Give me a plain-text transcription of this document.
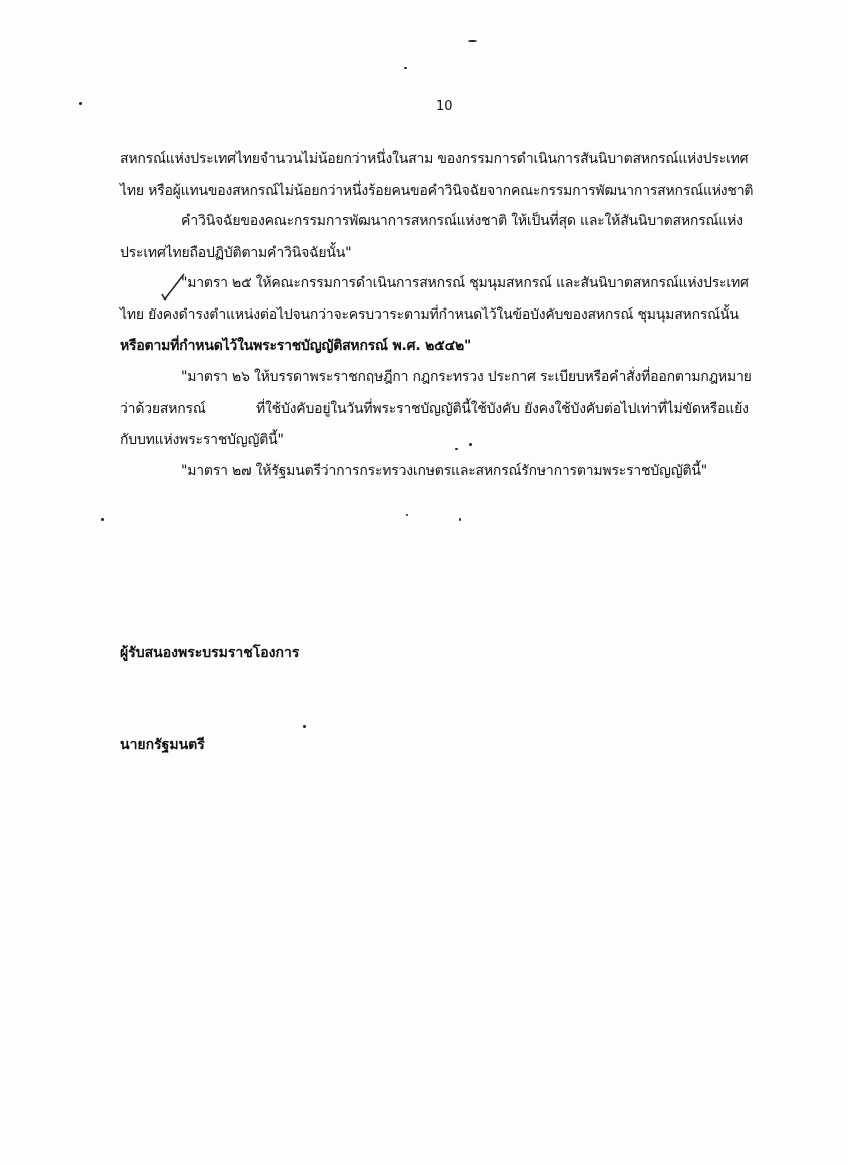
10
สหกรณ์แห่งประเทศไทยจำนวนไม่น้อยกว่าหนึ่งในสาม ของกรรมการดำเนินการสันนิบาตสหกรณ์แห่งประเทศ
ไทย หรือผู้แทนของสหกรณ์ไม่น้อยกว่าหนึ่งร้อยคนขอคำวินิจฉัยจากคณะกรรมการพัฒนาการสหกรณ์แห่งชาติ
คำวินิจฉัยของคณะกรรมการพัฒนาการสหกรณ์แห่งชาติ ให้เป็นที่สุด และให้สันนิบาตสหกรณ์แห่ง
ประเทศไทยถือปฏิบัติตามคำวินิจฉัยนั้น"
"มาตรา ๒๕ ให้คณะกรรมการดำเนินการสหกรณ์ ชุมนุมสหกรณ์ และสันนิบาตสหกรณ์แห่งประเทศ
ไทย ยังคงดำรงตำแหน่งต่อไปจนกว่าจะครบวาระตามที่กำหนดไว้ในข้อบังคับของสหกรณ์ ชุมนุมสหกรณ์นั้น
หรือตามที่กำหนดไว้ในพระราชบัญญัติสหกรณ์ พ.ศ. ๒๕๔๒"
"มาตรา ๒๖ ให้บรรดาพระราชกฤษฎีกา กฎกระทรวง ประกาศ ระเบียบหรือคำสั่งที่ออกตามกฎหมาย
ว่าด้วยสหกรณ์	ที่ใช้บังคับอยู่ในวันที่พระราชบัญญัตินี้ใช้บังคับ ยังคงใช้บังคับต่อไปเท่าที่ไม่ขัดหรือแย้ง
กับบทแห่งพระราชบัญญัตินี้"
"มาตรา ๒๗ ให้รัฐมนตรีว่าการกระทรวงเกษตรและสหกรณ์รักษาการตามพระราชบัญญัตินี้"
ผู้รับสนองพระบรมราชโองการ
นายกรัฐมนตรี
